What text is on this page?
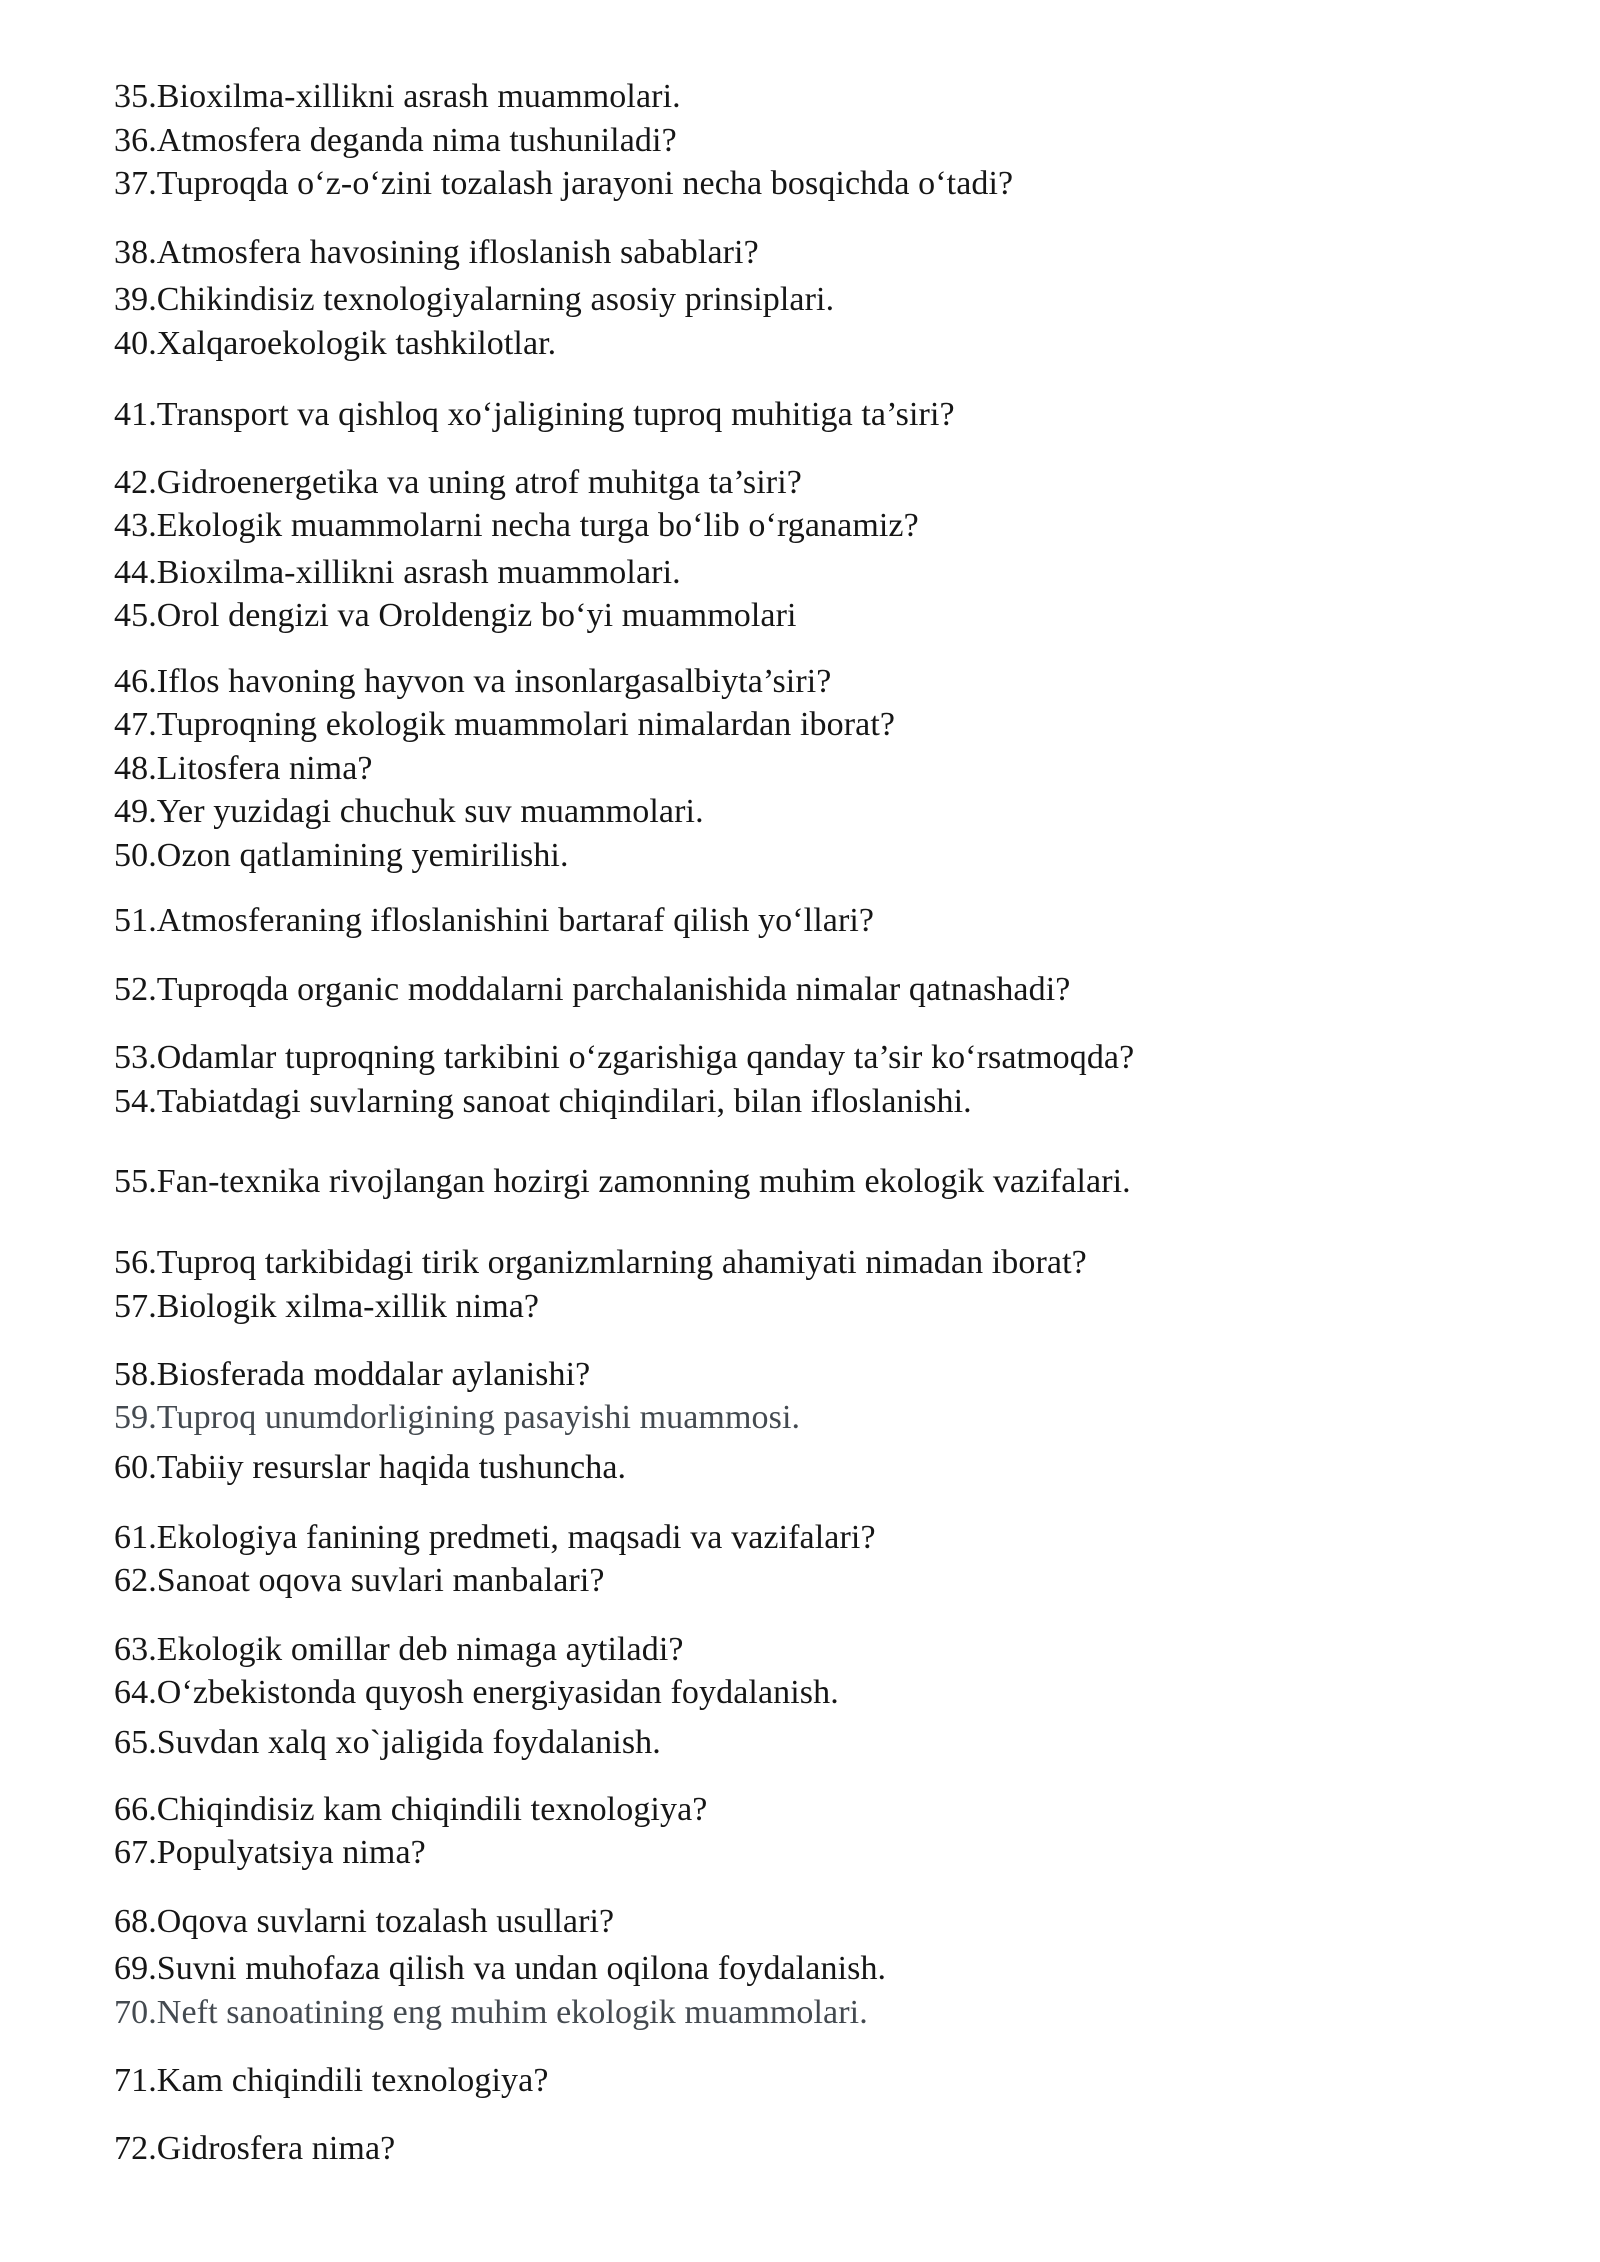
35.Bioxilma-xillikni asrash muammolari.
36.Atmosfera deganda nima tushuniladi?
37.Tuproqda o‘z-o‘zini tozalash jarayoni necha bosqichda o‘tadi?
38.Atmosfera havosining ifloslanish sabablari?
39.Chikindisiz texnologiyalarning asosiy prinsiplari.
40.Xalqaroekologik tashkilotlar.
41.Transport va qishloq xo‘jaligining tuproq muhitiga ta’siri?
42.Gidroenergetika va uning atrof muhitga ta’siri?
43.Ekologik muammolarni necha turga bo‘lib o‘rganamiz?
44.Bioxilma-xillikni asrash muammolari.
45.Orol dengizi va Oroldengiz bo‘yi muammolari
46.Iflos havoning hayvon va insonlargasalbiyta’siri?
47.Tuproqning ekologik muammolari nimalardan iborat?
48.Litosfera nima?
49.Yer yuzidagi chuchuk suv muammolari.
50.Ozon qatlamining yemirilishi.
51.Atmosferaning ifloslanishini bartaraf qilish yo‘llari?
52.Tuproqda organic moddalarni parchalanishida nimalar qatnashadi?
53.Odamlar tuproqning tarkibini o‘zgarishiga qanday ta’sir ko‘rsatmoqda?
54.Tabiatdagi suvlarning sanoat chiqindilari, bilan ifloslanishi.
55.Fan-texnika rivojlangan hozirgi zamonning muhim ekologik vazifalari.
56.Tuproq tarkibidagi tirik organizmlarning ahamiyati nimadan iborat?
57.Biologik xilma-xillik nima?
58.Biosferada moddalar aylanishi?
59.Tuproq unumdorligining pasayishi muammosi.
60.Tabiiy resurslar haqida tushuncha.
61.Ekologiya fanining predmeti, maqsadi va vazifalari?
62.Sanoat oqova suvlari manbalari?
63.Ekologik omillar deb nimaga aytiladi?
64.O‘zbekistonda quyosh energiyasidan foydalanish.
65.Suvdan xalq xo`jaligida foydalanish.
66.Chiqindisiz kam chiqindili texnologiya?
67.Populyatsiya nima?
68.Oqova suvlarni tozalash usullari?
69.Suvni muhofaza qilish va undan oqilona foydalanish.
70.Neft sanoatining eng muhim ekologik muammolari.
71.Kam chiqindili texnologiya?
72.Gidrosfera nima?
